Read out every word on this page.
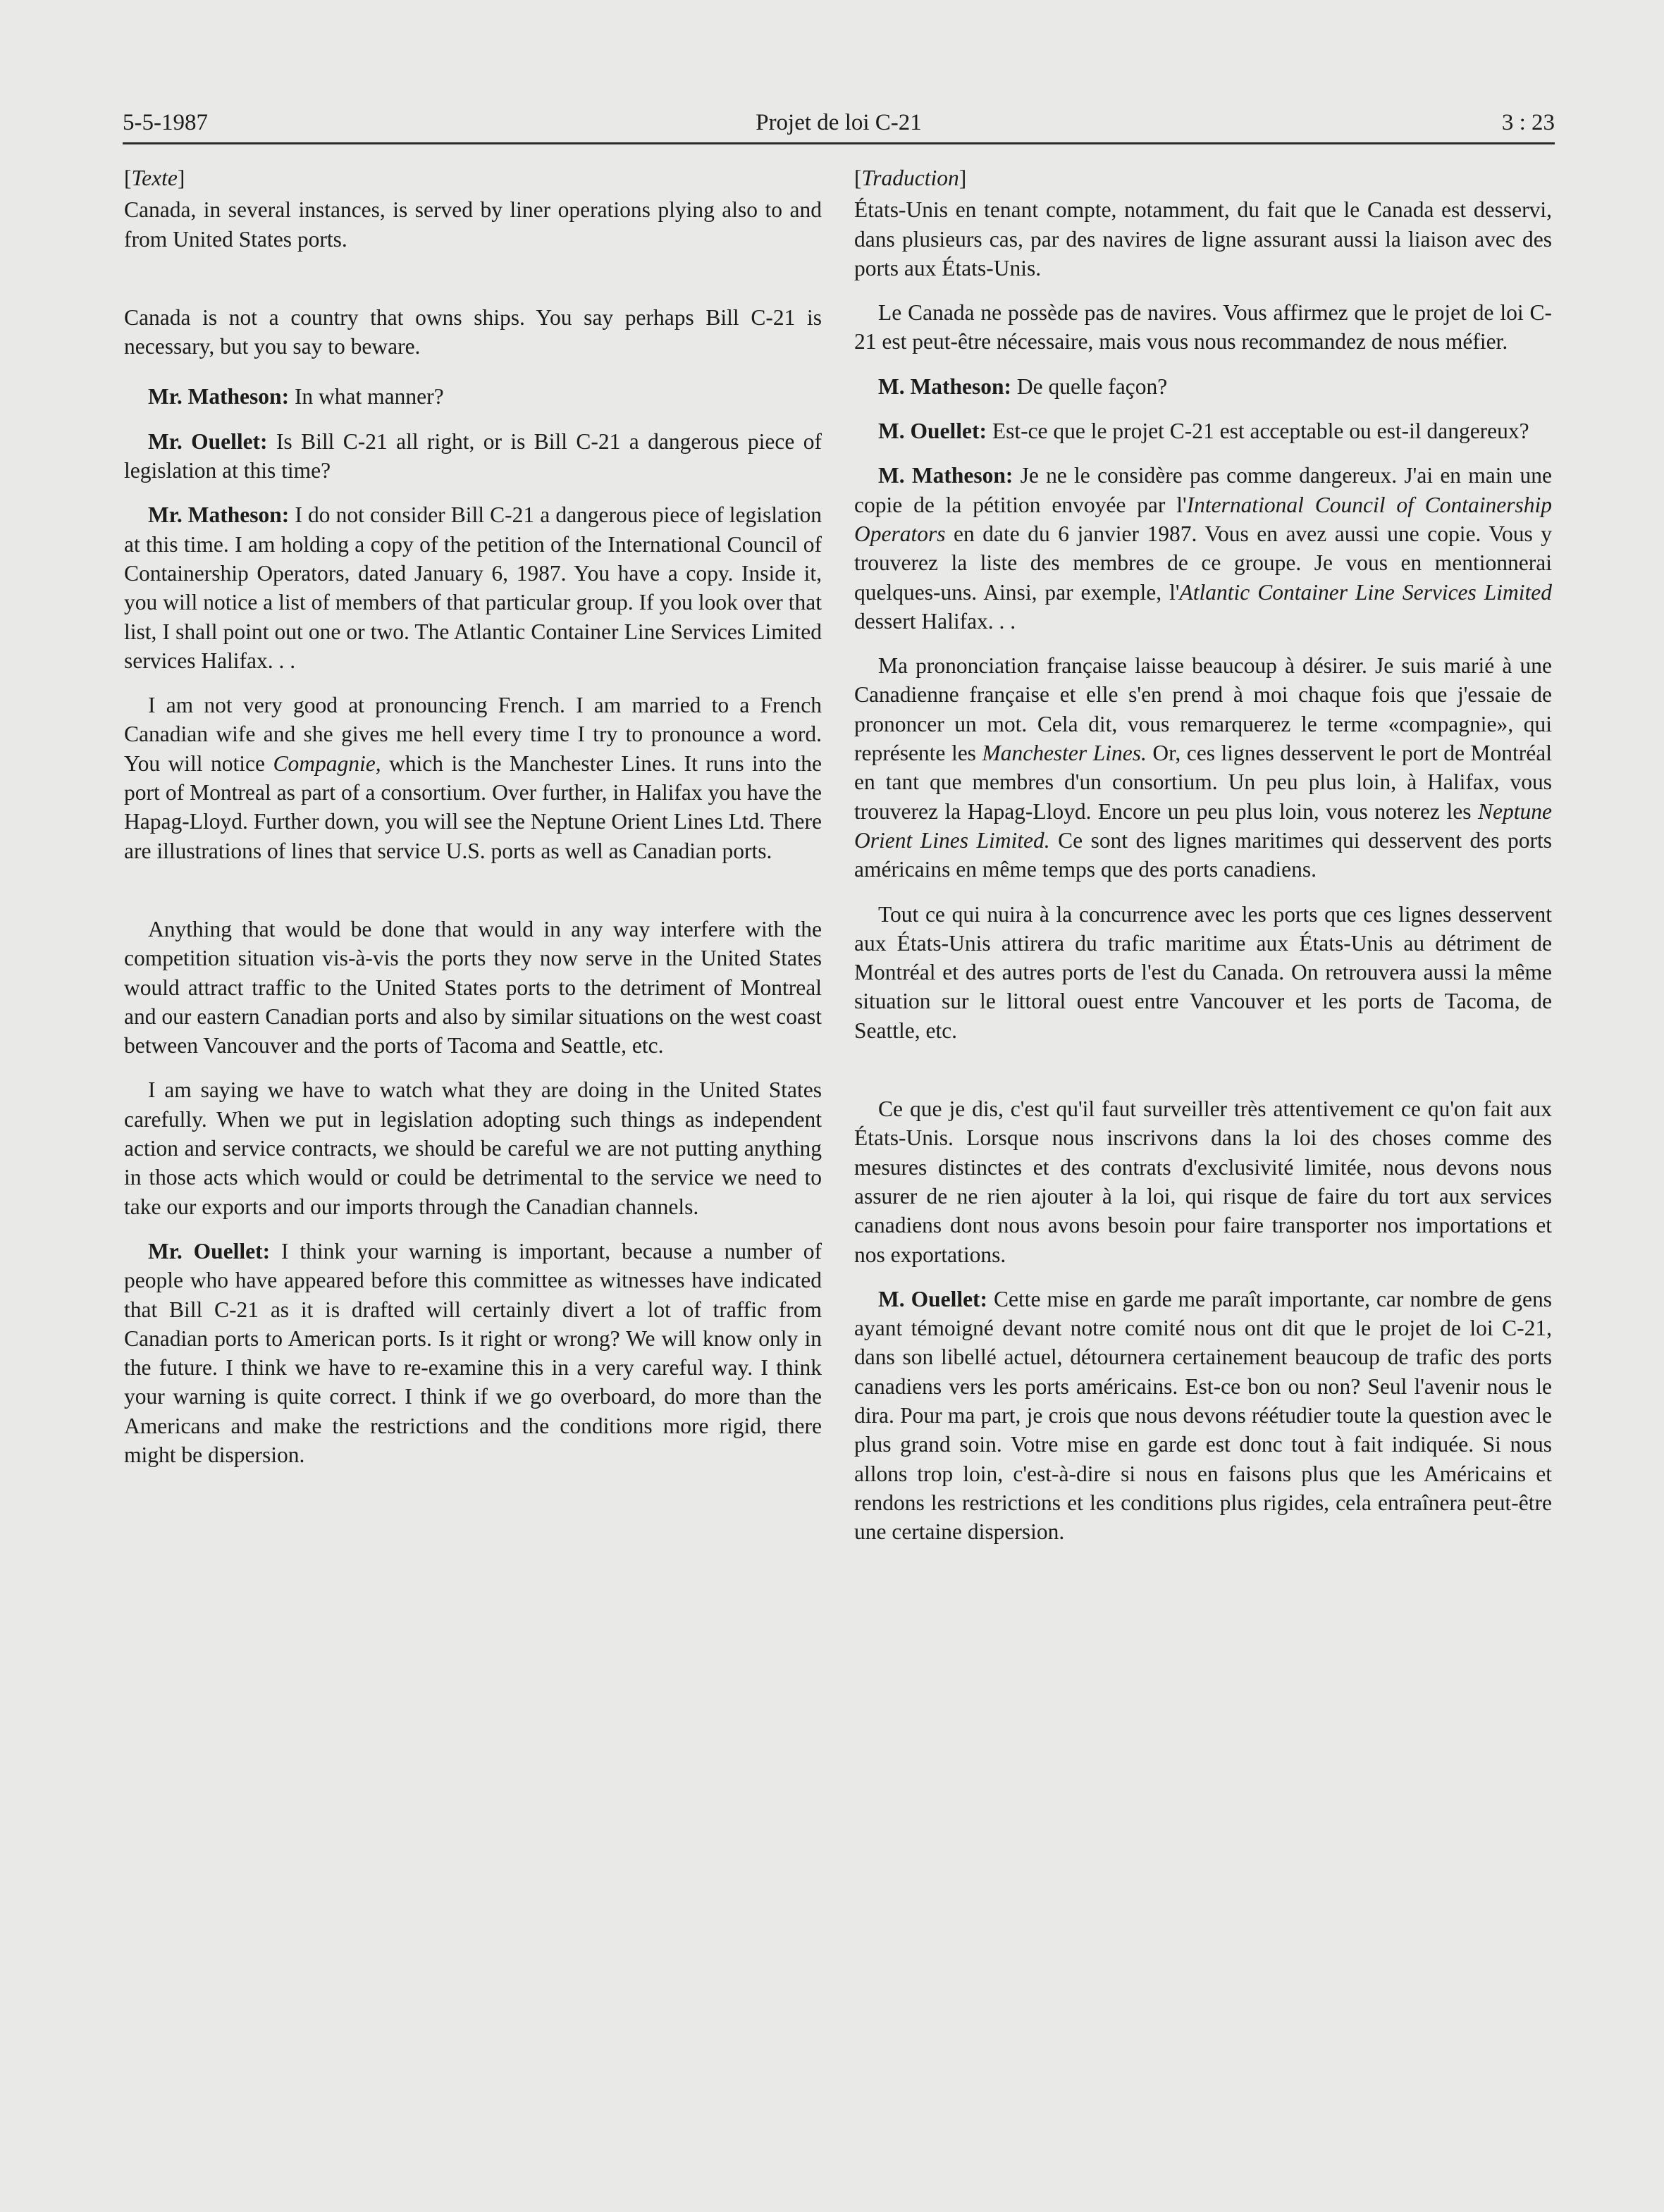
5-5-1987	Projet de loi C-21	3 : 23

[Texte]

Canada, in several instances, is served by liner operations plying also to and from United States ports.

Canada is not a country that owns ships. You say perhaps Bill C-21 is necessary, but you say to beware.

Mr. Matheson: In what manner?

Mr. Ouellet: Is Bill C-21 all right, or is Bill C-21 a dangerous piece of legislation at this time?

Mr. Matheson: I do not consider Bill C-21 a dangerous piece of legislation at this time. I am holding a copy of the petition of the International Council of Containership Operators, dated January 6, 1987. You have a copy. Inside it, you will notice a list of members of that particular group. If you look over that list, I shall point out one or two. The Atlantic Container Line Services Limited services Halifax. . .

I am not very good at pronouncing French. I am married to a French Canadian wife and she gives me hell every time I try to pronounce a word. You will notice Compagnie, which is the Manchester Lines. It runs into the port of Montreal as part of a consortium. Over further, in Halifax you have the Hapag-Lloyd. Further down, you will see the Neptune Orient Lines Ltd. There are illustrations of lines that service U.S. ports as well as Canadian ports.

Anything that would be done that would in any way interfere with the competition situation vis-à-vis the ports they now serve in the United States would attract traffic to the United States ports to the detriment of Montreal and our eastern Canadian ports and also by similar situations on the west coast between Vancouver and the ports of Tacoma and Seattle, etc.

I am saying we have to watch what they are doing in the United States carefully. When we put in legislation adopting such things as independent action and service contracts, we should be careful we are not putting anything in those acts which would or could be detrimental to the service we need to take our exports and our imports through the Canadian channels.

Mr. Ouellet: I think your warning is important, because a number of people who have appeared before this committee as witnesses have indicated that Bill C-21 as it is drafted will certainly divert a lot of traffic from Canadian ports to American ports. Is it right or wrong? We will know only in the future. I think we have to re-examine this in a very careful way. I think your warning is quite correct. I think if we go overboard, do more than the Americans and make the restrictions and the conditions more rigid, there might be dispersion.

[Traduction]

États-Unis en tenant compte, notamment, du fait que le Canada est desservi, dans plusieurs cas, par des navires de ligne assurant aussi la liaison avec des ports aux États-Unis.

Le Canada ne possède pas de navires. Vous affirmez que le projet de loi C-21 est peut-être nécessaire, mais vous nous recommandez de nous méfier.

M. Matheson: De quelle façon?

M. Ouellet: Est-ce que le projet C-21 est acceptable ou est-il dangereux?

M. Matheson: Je ne le considère pas comme dangereux. J'ai en main une copie de la pétition envoyée par l'International Council of Containership Operators en date du 6 janvier 1987. Vous en avez aussi une copie. Vous y trouverez la liste des membres de ce groupe. Je vous en mentionnerai quelques-uns. Ainsi, par exemple, l'Atlantic Container Line Services Limited dessert Halifax. . .

Ma prononciation française laisse beaucoup à désirer. Je suis marié à une Canadienne française et elle s'en prend à moi chaque fois que j'essaie de prononcer un mot. Cela dit, vous remarquerez le terme «compagnie», qui représente les Manchester Lines. Or, ces lignes desservent le port de Montréal en tant que membres d'un consortium. Un peu plus loin, à Halifax, vous trouverez la Hapag-Lloyd. Encore un peu plus loin, vous noterez les Neptune Orient Lines Limited. Ce sont des lignes maritimes qui desservent des ports américains en même temps que des ports canadiens.

Tout ce qui nuira à la concurrence avec les ports que ces lignes desservent aux États-Unis attirera du trafic maritime aux États-Unis au détriment de Montréal et des autres ports de l'est du Canada. On retrouvera aussi la même situation sur le littoral ouest entre Vancouver et les ports de Tacoma, de Seattle, etc.

Ce que je dis, c'est qu'il faut surveiller très attentivement ce qu'on fait aux États-Unis. Lorsque nous inscrivons dans la loi des choses comme des mesures distinctes et des contrats d'exclusivité limitée, nous devons nous assurer de ne rien ajouter à la loi, qui risque de faire du tort aux services canadiens dont nous avons besoin pour faire transporter nos importations et nos exportations.

M. Ouellet: Cette mise en garde me paraît importante, car nombre de gens ayant témoigné devant notre comité nous ont dit que le projet de loi C-21, dans son libellé actuel, détournera certainement beaucoup de trafic des ports canadiens vers les ports américains. Est-ce bon ou non? Seul l'avenir nous le dira. Pour ma part, je crois que nous devons réétudier toute la question avec le plus grand soin. Votre mise en garde est donc tout à fait indiquée. Si nous allons trop loin, c'est-à-dire si nous en faisons plus que les Américains et rendons les restrictions et les conditions plus rigides, cela entraînera peut-être une certaine dispersion.
